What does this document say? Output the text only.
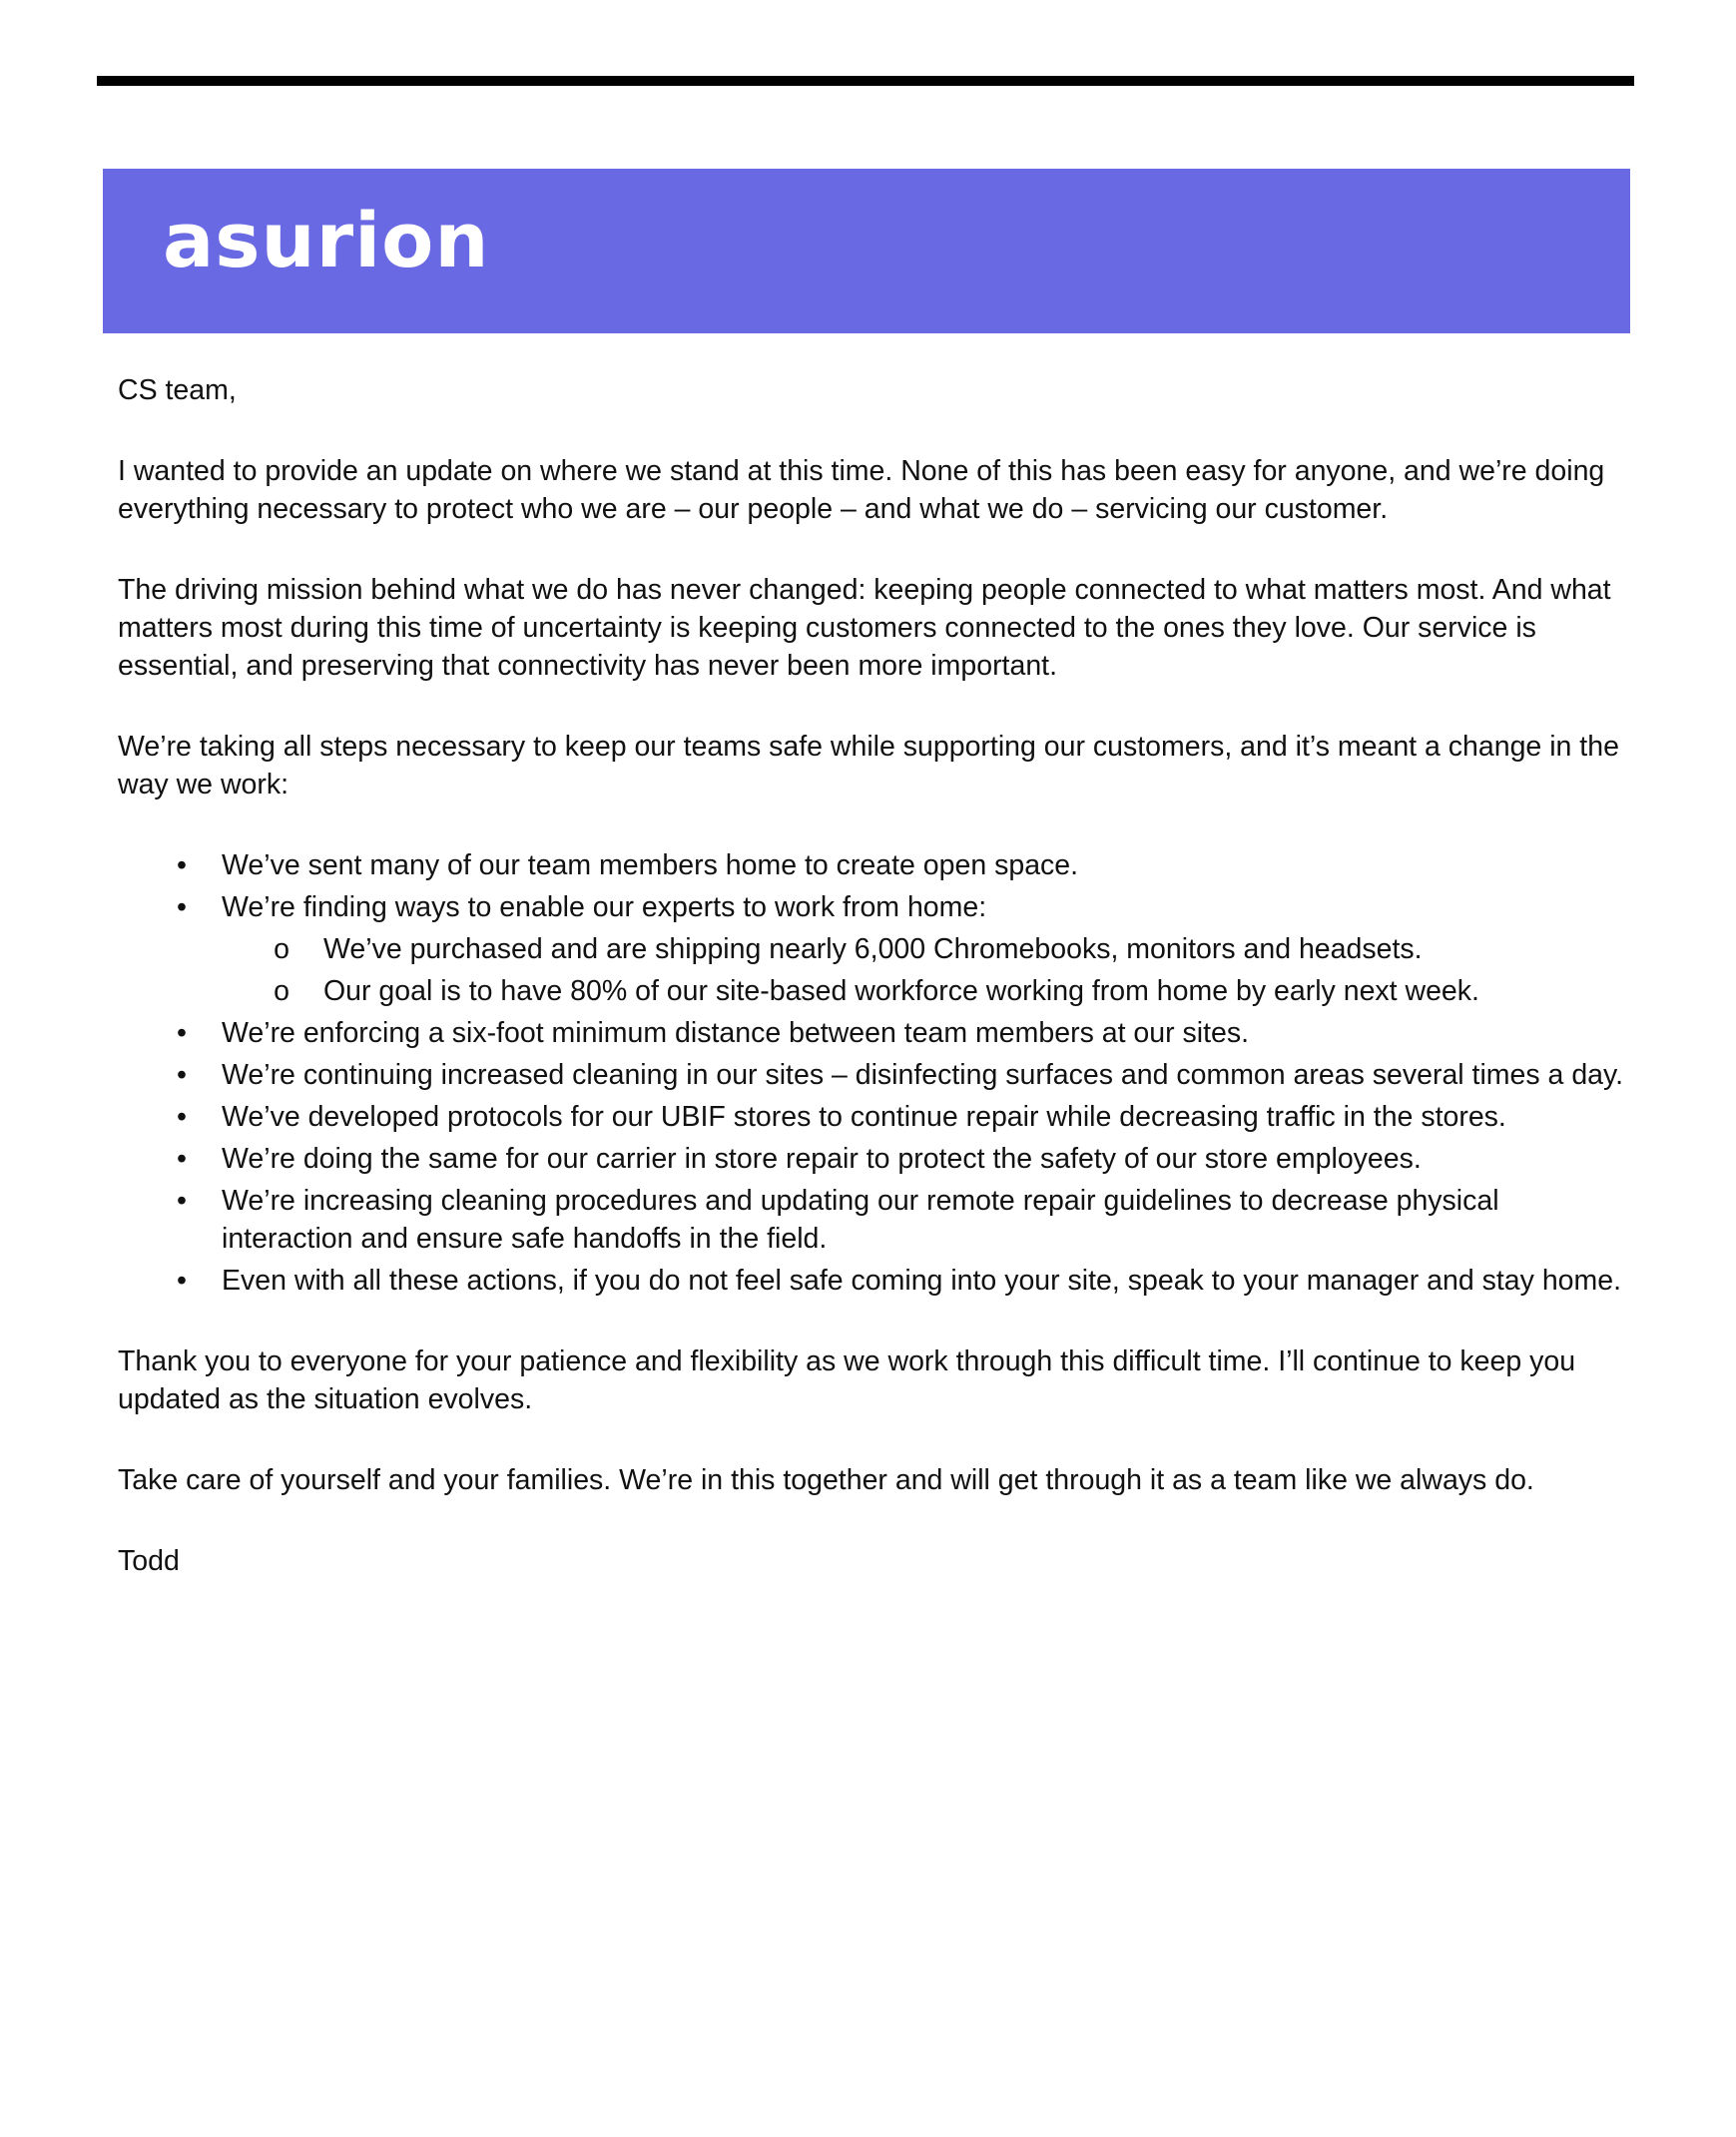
asurion

CS team,

I wanted to provide an update on where we stand at this time. None of this has been easy for anyone, and we’re doing everything necessary to protect who we are – our people – and what we do – servicing our customer.

The driving mission behind what we do has never changed: keeping people connected to what matters most. And what matters most during this time of uncertainty is keeping customers connected to the ones they love. Our service is essential, and preserving that connectivity has never been more important.

We’re taking all steps necessary to keep our teams safe while supporting our customers, and it’s meant a change in the way we work:

• We’ve sent many of our team members home to create open space.
• We’re finding ways to enable our experts to work from home:
o We’ve purchased and are shipping nearly 6,000 Chromebooks, monitors and headsets.
o Our goal is to have 80% of our site-based workforce working from home by early next week.
• We’re enforcing a six-foot minimum distance between team members at our sites.
• We’re continuing increased cleaning in our sites – disinfecting surfaces and common areas several times a day.
• We’ve developed protocols for our UBIF stores to continue repair while decreasing traffic in the stores.
• We’re doing the same for our carrier in store repair to protect the safety of our store employees.
• We’re increasing cleaning procedures and updating our remote repair guidelines to decrease physical interaction and ensure safe handoffs in the field.
• Even with all these actions, if you do not feel safe coming into your site, speak to your manager and stay home.

Thank you to everyone for your patience and flexibility as we work through this difficult time. I’ll continue to keep you updated as the situation evolves.

Take care of yourself and your families. We’re in this together and will get through it as a team like we always do.

Todd
